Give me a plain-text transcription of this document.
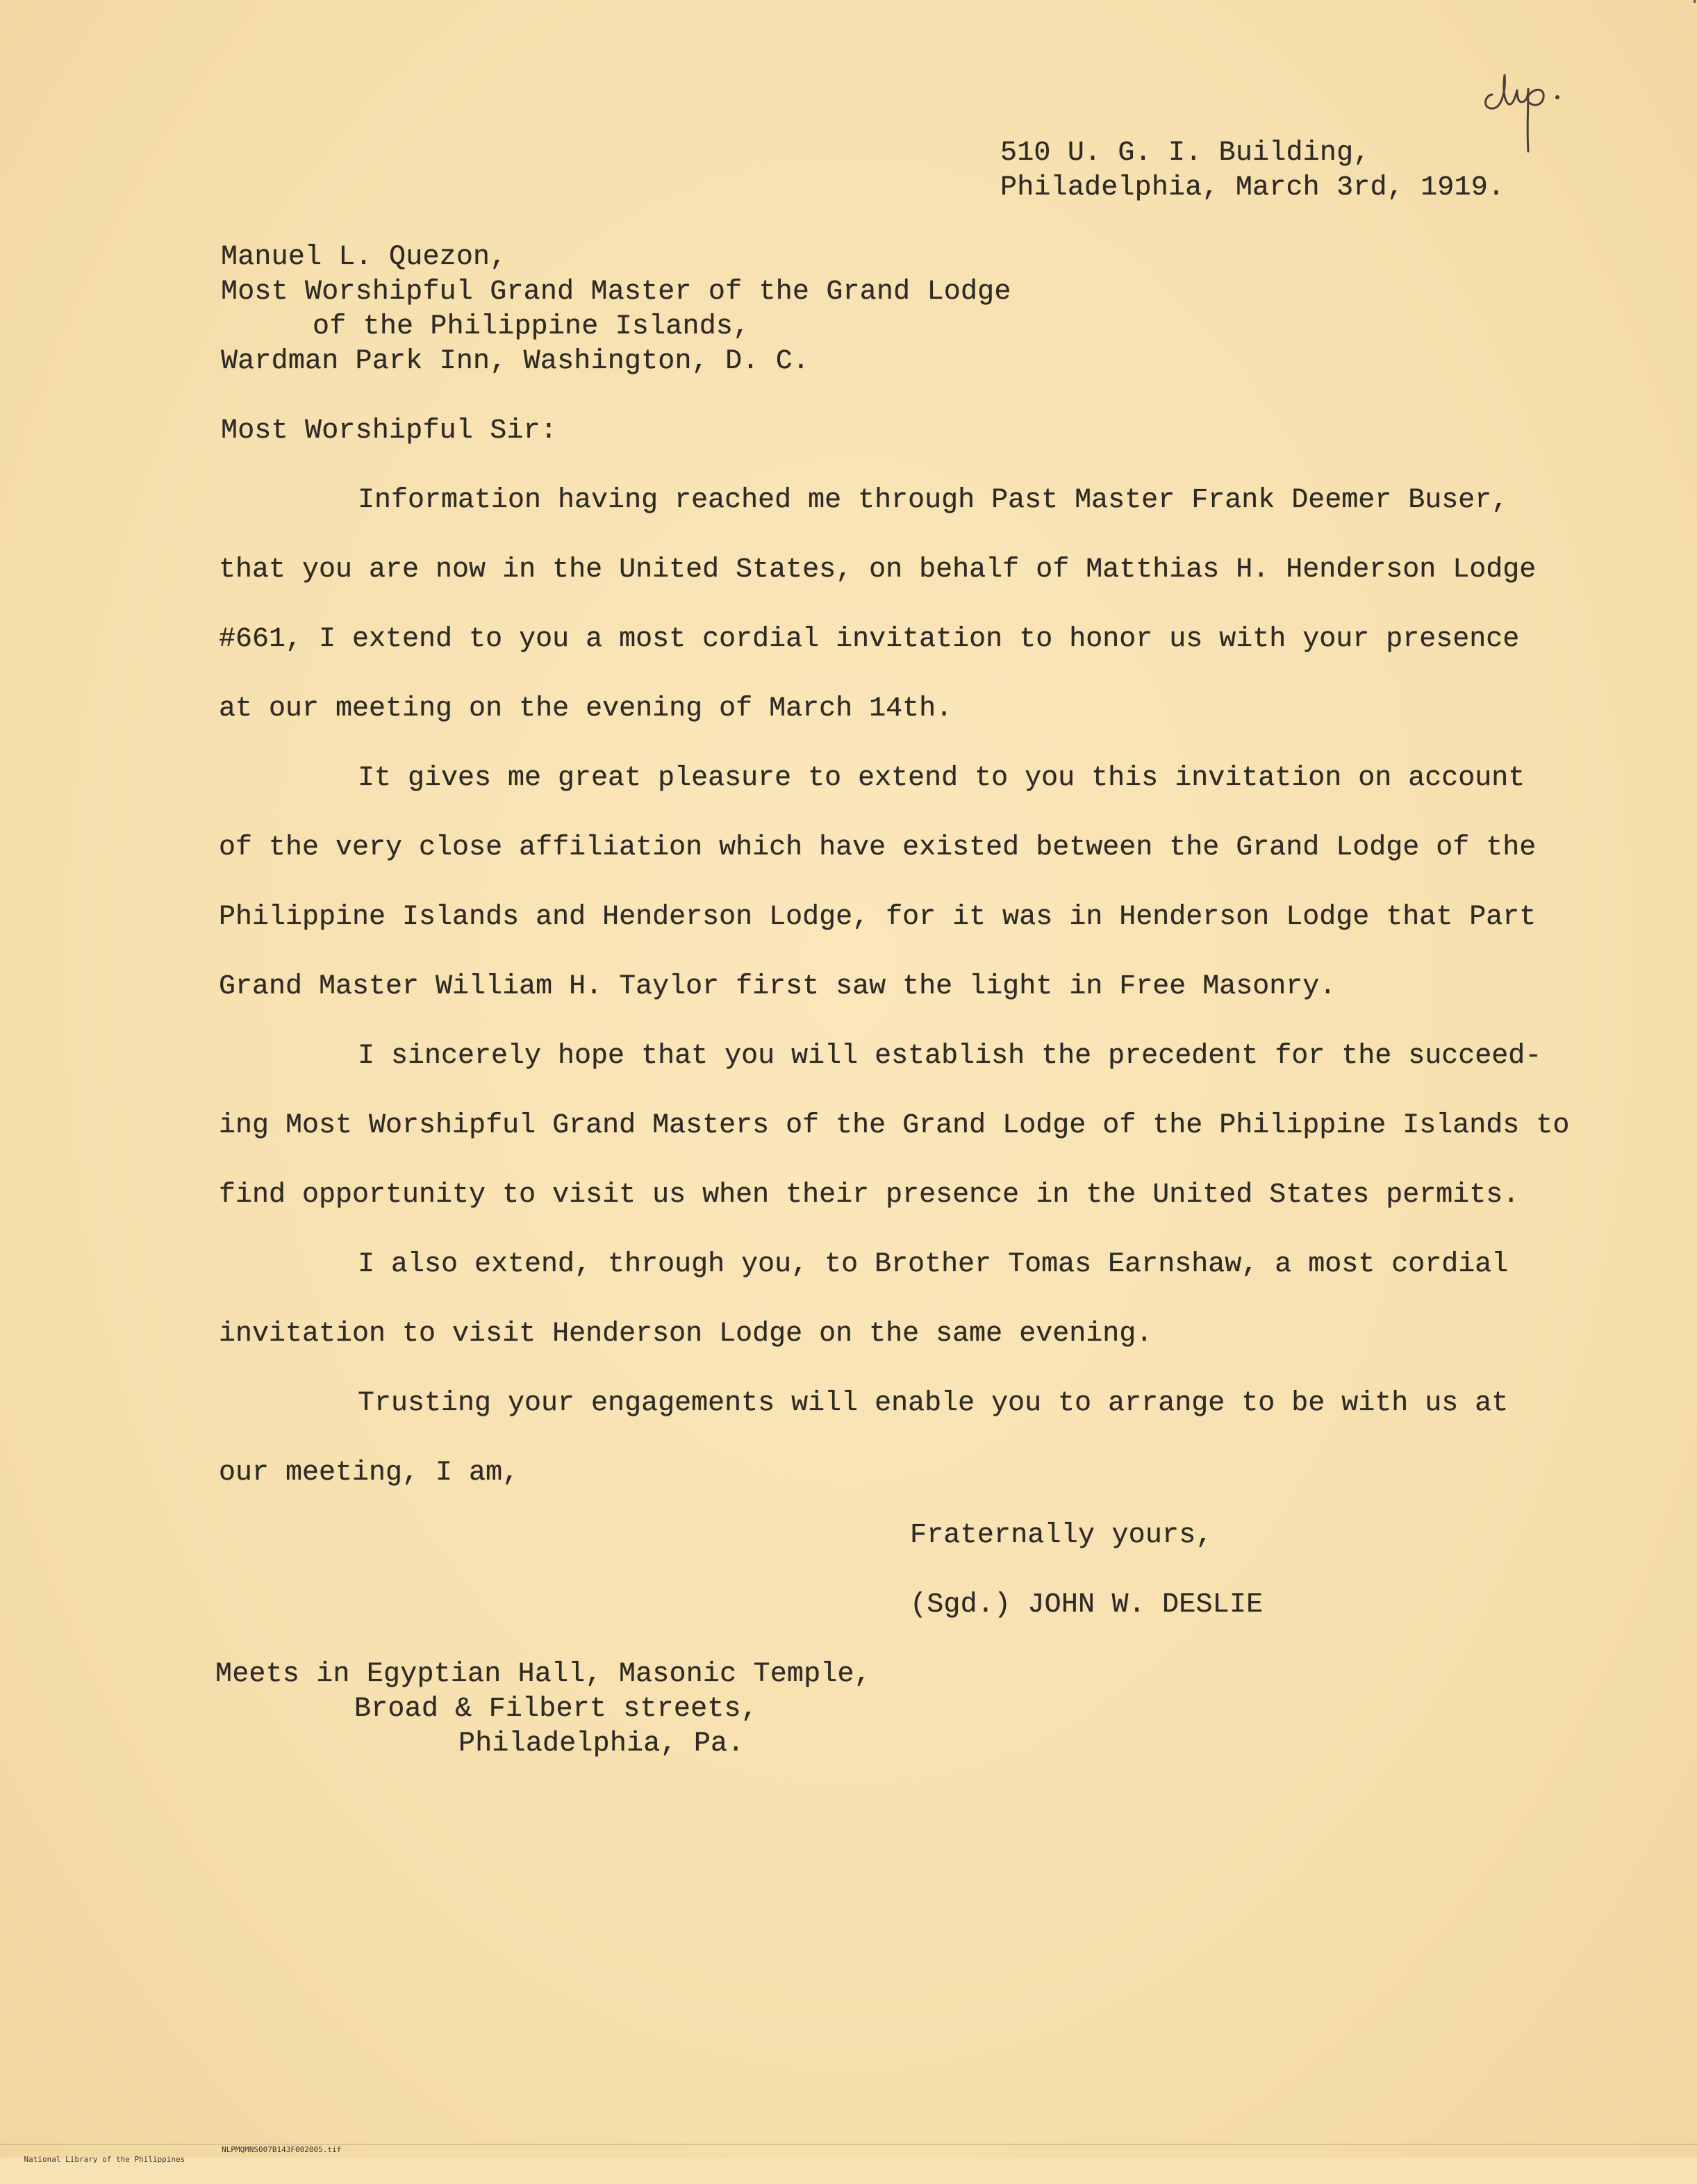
510 U. G. I. Building,
Philadelphia, March 3rd, 1919.
Manuel L. Quezon,
Most Worshipful Grand Master of the Grand Lodge
of the Philippine Islands,
Wardman Park Inn, Washington, D. C.
Most Worshipful Sir:
Information having reached me through Past Master Frank Deemer Buser,
that you are now in the United States, on behalf of Matthias H. Henderson Lodge
#661, I extend to you a most cordial invitation to honor us with your presence
at our meeting on the evening of March 14th.
It gives me great pleasure to extend to you this invitation on account
of the very close affiliation which have existed between the Grand Lodge of the
Philippine Islands and Henderson Lodge, for it was in Henderson Lodge that Part
Grand Master William H. Taylor first saw the light in Free Masonry.
I sincerely hope that you will establish the precedent for the succeed-
ing Most Worshipful Grand Masters of the Grand Lodge of the Philippine Islands to
find opportunity to visit us when their presence in the United States permits.
I also extend, through you, to Brother Tomas Earnshaw, a most cordial
invitation to visit Henderson Lodge on the same evening.
Trusting your engagements will enable you to arrange to be with us at
our meeting, I am,
Fraternally yours,
(Sgd.) JOHN W. DESLIE
Meets in Egyptian Hall, Masonic Temple,
Broad & Filbert streets,
Philadelphia, Pa.

National Library of the Philippines

NLPMQMNS007B143F002005.tif
